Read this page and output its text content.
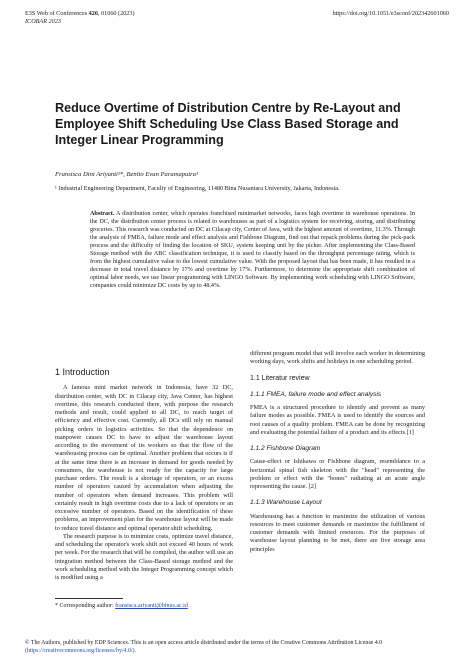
E3S Web of Conferences 426, 01060 (2023)
ICOBAR 2023
https://doi.org/10.1051/e3sconf/202342601060
Reduce Overtime of Distribution Centre by Re-Layout and Employee Shift Scheduling Use Class Based Storage and Integer Linear Programming
Fransisca Dini Ariyanti¹*, Benito Evan Paramaputra¹
¹ Industrial Engineering Department, Faculty of Engineering, 11480 Bina Nusantara University, Jakarta, Indonesia.
Abstract. A distribution center, which operates franchised minimarket networks, faces high overtime in warehouse operations. In the DC, the distribution center process is related to warehouses as part of a logistics system for receiving, storing, and distributing groceries. This research was conducted on DC at Cilacap city, Center of Java, with the highest amount of overtime, 11.3%. Through the analysis of FMEA, failure mode and effect analysis and Fishbone Diagram, find out that repack problems during the pick-pack process and the difficulty of finding the location of SKU, system keeping unit by the picker. After implementing the Class-Based Storage method with the ABC classification technique, it is used to classify based on the throughput percentage rating, which is from the highest cumulative value to the lowest cumulative value. With the proposed layout that has been made, it has resulted in a decrease in total travel distance by 17% and overtime by 17%. Furthermore, to determine the appropriate shift combination of optimal labor needs, we use linear programming with LINGO Software. By implementing work scheduling with LINGO Software, companies could minimize DC costs by up to 48.4%.
1 Introduction

A famous mini market network in Indonesia, have 32 DC, distribution center, with DC in Cilacap city, Java Center, has highest overtime, this research conducted there, with purpose the research methods and result, could applied to all DC, to reach target of efficiency and effective cost. Currently, all DCs still rely on manual picking orders in logistics activities. So that the dependence on manpower causes DC to have to adjust the warehouse layout according to the movement of its workers so that the flow of the warehousing process can be optimal. Another problem that occurs is if at the same time there is an increase in demand for goods needed by consumers, the warehouse is not ready for the capacity for large purchase orders. The result is a shortage of operators, or an excess number of operators caused by accumulation when adjusting the number of operators when demand increases. This problem will certainly result in high overtime costs due to a lack of operators or an excessive number of operators. Based on the identification of these problems, an improvement plan for the warehouse layout will be made to reduce travel distance and optimal operator shift scheduling.

The research purpose is to minimize costs, optimize travel distance, and scheduling the operator's work shift not exceed 40 hours of work per week. For the research that will be compiled, the author will use an integration method between the Class-Based storage method and the work scheduling method with the Integer Programming concept which is modified using a

different program model that will involve each worker in determining working days, work shifts and holidays in one scheduling period.

1.1 Literatur review
1.1.1 FMEA, failure mode and effect analysis

FMEA is a structured procedure to identify and prevent as many failure modes as possible. FMEA is used to identify the sources and root causes of a quality problem. FMEA can be done by recognizing and evaluating the potential failure of a product and its effects.[1]

1.1.2 Fishbone Diagram

Cause-effect or Ishikawa or Fishbone diagram, resemblance to a horizontal spinal fish skeleton with the "head" representing the problem or effect with the "bones" radiating at an acute angle representing the cause. [2]

1.1.3 Warehouse Layout

Warehousing has a function to maximize the utilization of various resources to meet customer demands or maximize the fulfillment of customer demands with limited resources. For the purposes of warehouse layout planning to be met, there are five storage area principles

* Corresponding author: fransisca.ariyanti@binus.ac.id
© The Authors, published by EDP Sciences. This is an open access article distributed under the terms of the Creative Commons Attribution License 4.0
(https://creativecommons.org/licenses/by/4.0/).
